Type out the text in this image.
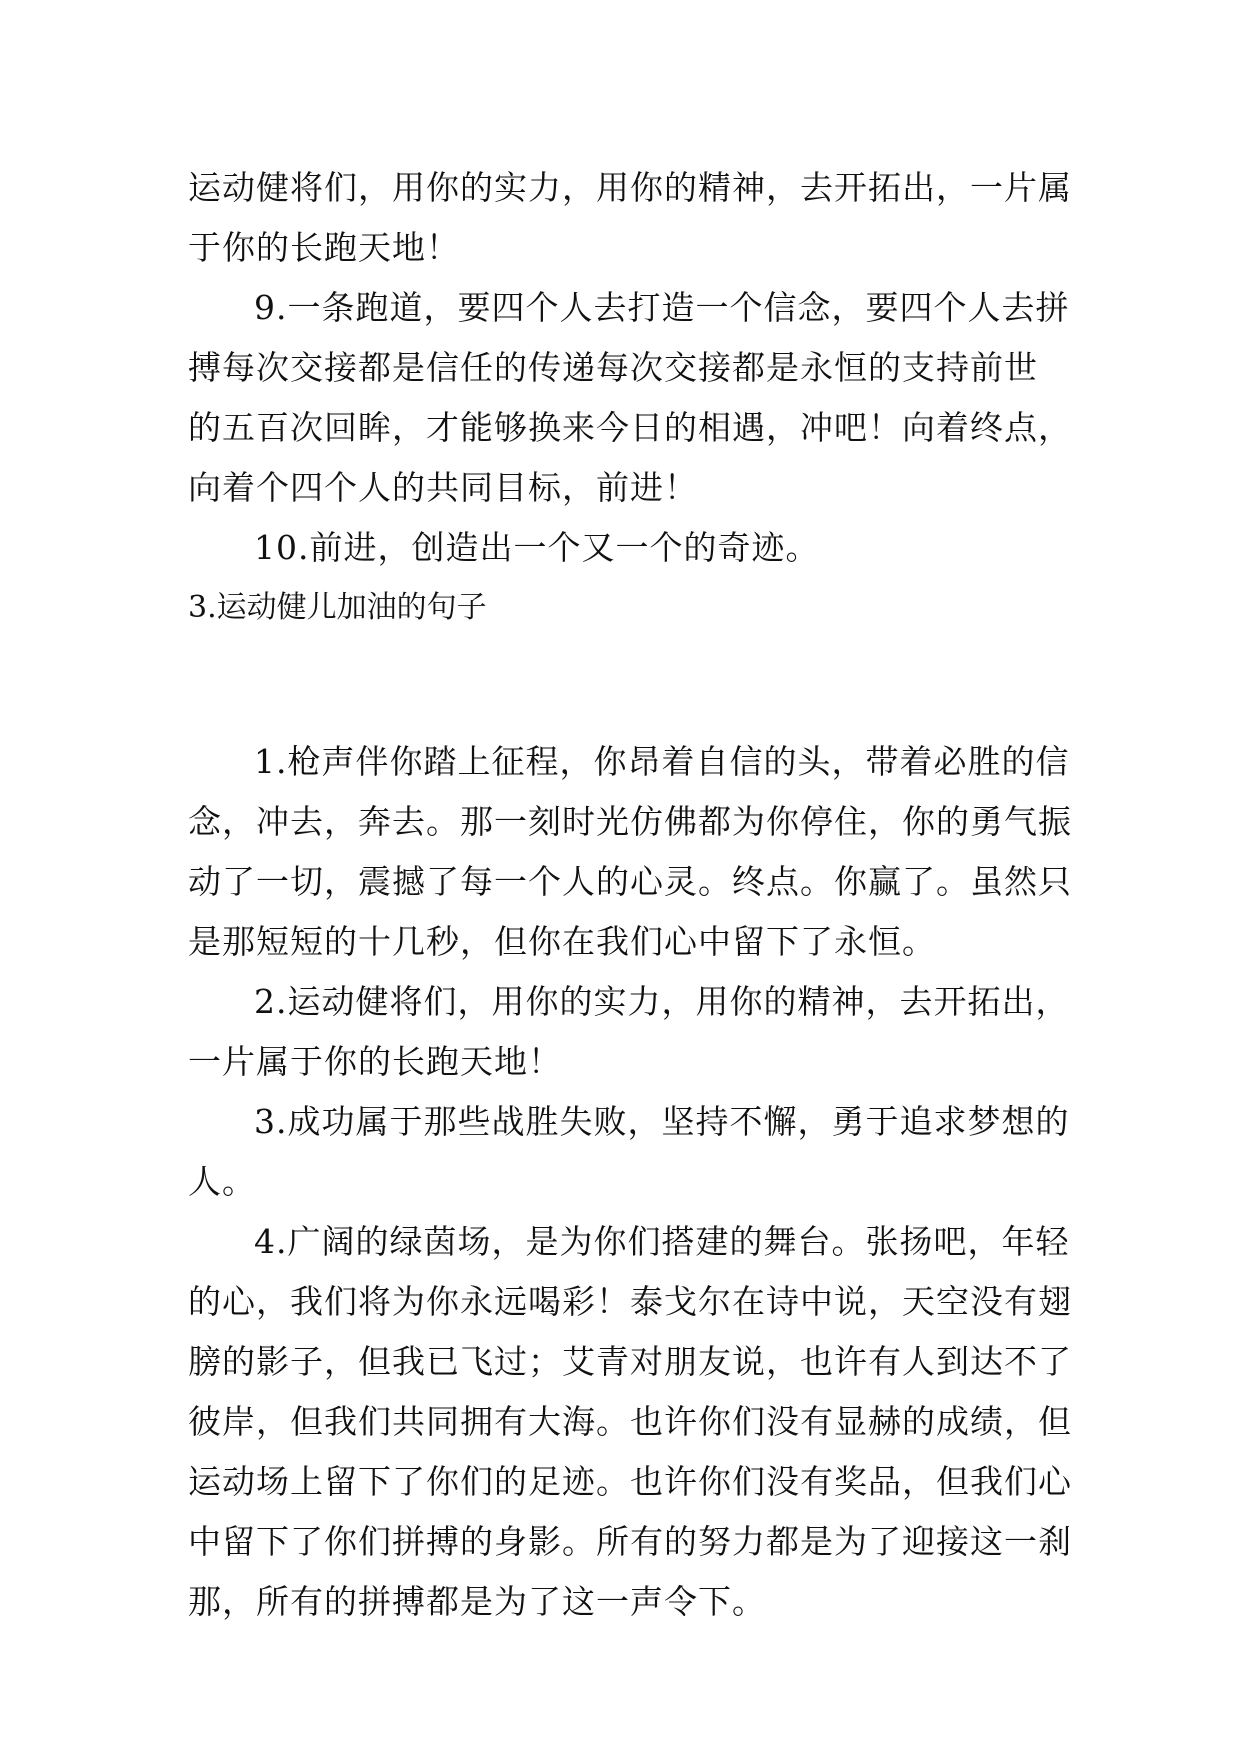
运动健将们，用你的实力，用你的精神，去开拓出，一片属
于你的长跑天地！
9.一条跑道，要四个人去打造一个信念，要四个人去拼
搏每次交接都是信任的传递每次交接都是永恒的支持前世
的五百次回眸，才能够换来今日的相遇，冲吧！向着终点，
向着个四个人的共同目标，前进！
10.前进，创造出一个又一个的奇迹。
3.运动健儿加油的句子
1.枪声伴你踏上征程，你昂着自信的头，带着必胜的信
念，冲去，奔去。那一刻时光仿佛都为你停住，你的勇气振
动了一切，震撼了每一个人的心灵。终点。你赢了。虽然只
是那短短的十几秒，但你在我们心中留下了永恒。
2.运动健将们，用你的实力，用你的精神，去开拓出，
一片属于你的长跑天地！
3.成功属于那些战胜失败，坚持不懈，勇于追求梦想的
人。
4.广阔的绿茵场，是为你们搭建的舞台。张扬吧，年轻
的心，我们将为你永远喝彩！泰戈尔在诗中说，天空没有翅
膀的影子，但我已飞过；艾青对朋友说，也许有人到达不了
彼岸，但我们共同拥有大海。也许你们没有显赫的成绩，但
运动场上留下了你们的足迹。也许你们没有奖品，但我们心
中留下了你们拼搏的身影。所有的努力都是为了迎接这一刹
那，所有的拼搏都是为了这一声令下。
